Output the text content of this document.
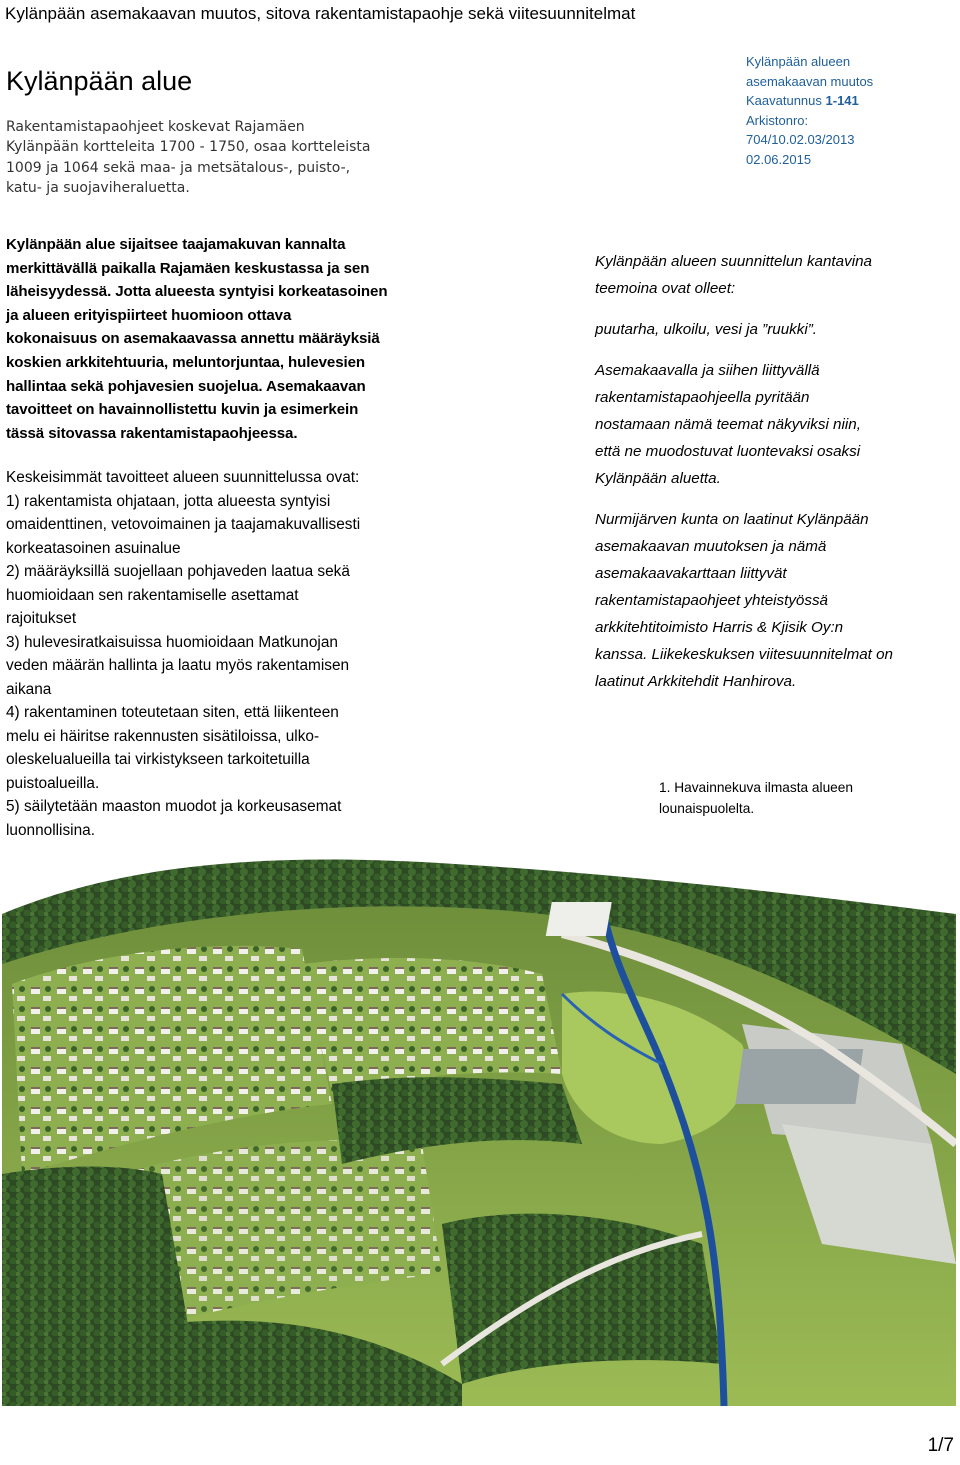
Kylänpään asemakaavan muutos, sitova rakentamistapaohje sekä viitesuunnitelmat
Kylänpään alue
Rakentamistapaohjeet koskevat Rajamäen
Kylänpään kortteleita 1700 - 1750, osaa kortteleista
1009 ja 1064 sekä maa- ja metsätalous-, puisto-,
katu- ja suojaviheraluetta.
Kylänpään alueen
asemakaavan muutos
Kaavatunnus 1-141
Arkistonro:
704/10.02.03/2013
02.06.2015
Kylänpään alue sijaitsee taajamakuvan kannalta
merkittävällä paikalla Rajamäen keskustassa ja sen
läheisyydessä. Jotta alueesta syntyisi korkeatasoinen
ja alueen erityispiirteet huomioon ottava
kokonaisuus on asemakaavassa annettu määräyksiä
koskien arkkitehtuuria, meluntorjuntaa, hulevesien
hallintaa sekä pohjavesien suojelua. Asemakaavan
tavoitteet on havainnollistettu kuvin ja esimerkein
tässä sitovassa rakentamistapaohjeessa.
Keskeisimmät tavoitteet alueen suunnittelussa ovat:
1) rakentamista ohjataan, jotta alueesta syntyisi
omaidenttinen, vetovoimainen ja taajamakuvallisesti
korkeatasoinen asuinalue
2) määräyksillä suojellaan pohjaveden laatua sekä
huomioidaan sen rakentamiselle asettamat
rajoitukset
3) hulevesiratkaisuissa huomioidaan Matkunojan
veden määrän hallinta ja laatu myös rakentamisen
aikana
4) rakentaminen toteutetaan siten, että liikenteen
melu ei häiritse rakennusten sisätiloissa, ulko-
oleskelualueilla tai virkistykseen tarkoitetuilla
puistoalueilla.
5) säilytetään maaston muodot ja korkeusasemat
luonnollisina.

Kylänpään alueen suunnittelun kantavina
teemoina ovat olleet:

puutarha, ulkoilu, vesi ja ”ruukki”.

Asemakaavalla ja siihen liittyvällä
rakentamistapaohjeella pyritään
nostamaan nämä teemat näkyviksi niin,
että ne muodostuvat luontevaksi osaksi
Kylänpään aluetta.

Nurmijärven kunta on laatinut Kylänpään
asemakaavan muutoksen ja nämä
asemakaavakarttaan liittyvät
rakentamistapaohjeet yhteistyössä
arkkitehtitoimisto Harris & Kjisik Oy:n
kanssa. Liikekeskuksen viitesuunnitelmat on
laatinut Arkkitehdit Hanhirova.

1. Havainnekuva ilmasta alueen
lounaispuolelta.
1/7
